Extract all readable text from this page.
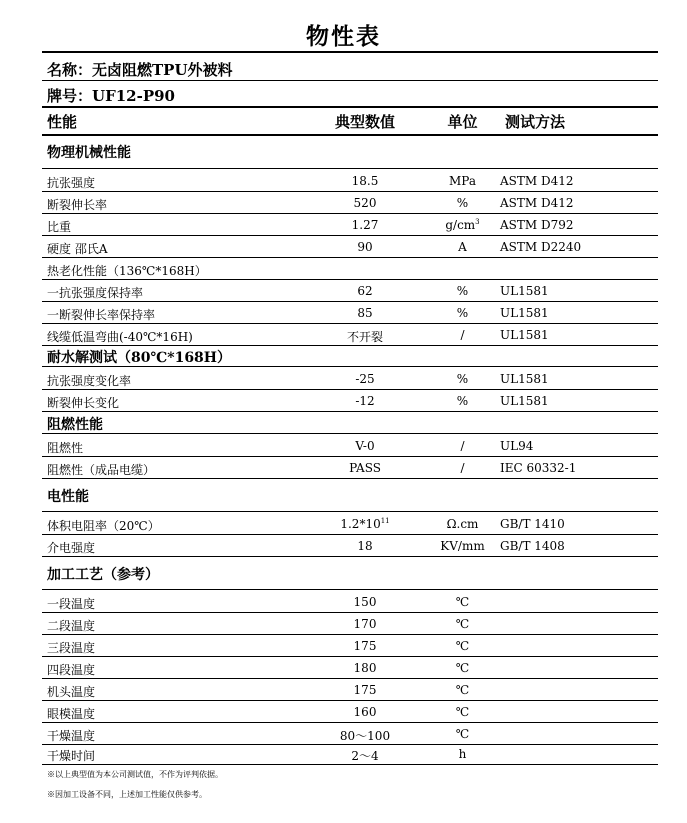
物性表
名称：无卤阻燃TPU外被料
牌号：UF12-P90
性能	典型数值	单位	测试方法
物理机械性能
抗张强度	18.5	MPa	ASTM D412
断裂伸长率	520	%	ASTM D412
比重	1.27	$g/cm^3$	ASTM D792
硬度 邵氏A	90	A	ASTM D2240
热老化性能（136℃*168H）
一抗张强度保持率	62	%	UL1581
一断裂伸长率保持率	85	%	UL1581
线缆低温弯曲(-40℃*16H)	不开裂	/	UL1581
耐水解测试（80℃*168H）
抗张强度变化率	-25	%	UL1581
断裂伸长变化	-12	%	UL1581
阻燃性能
阻燃性	V-0	/	UL94
阻燃性（成品电缆）	PASS	/	IEC 60332-1
电性能
体积电阻率（20℃）	$1.2*10^{11}$	Ω.cm	GB/T 1410
介电强度	18	KV/mm	GB/T 1408
加工工艺（参考）
一段温度	150	℃
二段温度	170	℃
三段温度	175	℃
四段温度	180	℃
机头温度	175	℃
眼模温度	160	℃
干燥温度	80～100	℃
干燥时间	2～4	h
※以上典型值为本公司测试值，不作为评判依据。
※因加工设备不同，上述加工性能仅供参考。
